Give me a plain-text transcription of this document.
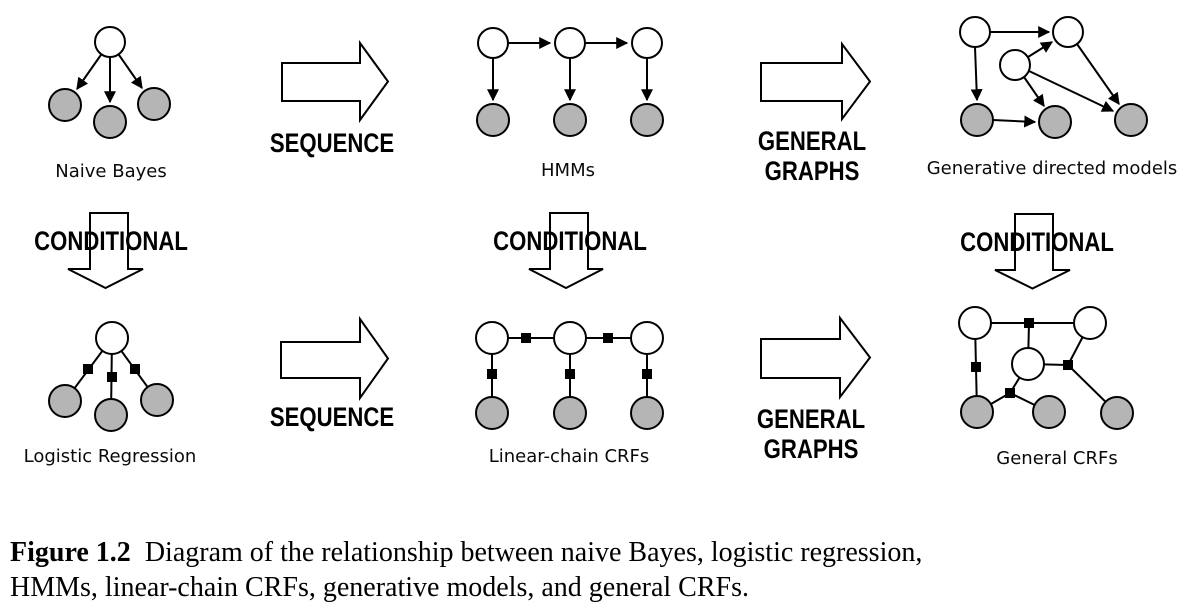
SEQUENCE	GENERAL
GRAPHS
CONDITIONAL	CONDITIONAL	CONDITIONAL
SEQUENCE	GENERAL
GRAPHS
Naive Bayes	HMMs	Generative directed models
Logistic Regression	Linear-chain CRFs	General CRFs
Figure 1.2 Diagram of the relationship between naive Bayes, logistic regression,
HMMs, linear-chain CRFs, generative models, and general CRFs.
